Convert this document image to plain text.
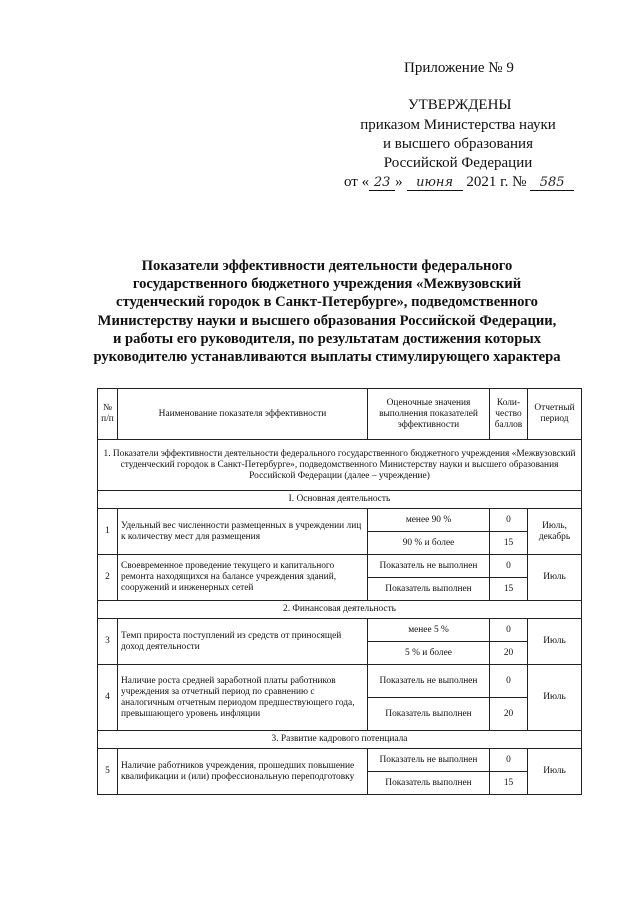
Приложение № 9
УТВЕРЖДЕНЫ
приказом Министерства науки
и высшего образования
Российской Федерации
от « 23 » июня 2021 г. № 585
Показатели эффективности деятельности федерального
государственного бюджетного учреждения «Межвузовский
студенческий городок в Санкт-Петербурге», подведомственного
Министерству науки и высшего образования Российской Федерации,
и работы его руководителя, по результатам достижения которых
руководителю устанавливаются выплаты стимулирующего характера
№ п/п	Наименование показателя эффективности	Оценочные значения выполнения показателей эффективности	Коли-чество баллов	Отчетный период
1. Показатели эффективности деятельности федерального государственного бюджетного учреждения «Межвузовский студенческий городок в Санкт-Петербурге», подведомственного Министерству науки и высшего образования Российской Федерации (далее – учреждение)				
I. Основная деятельность				
1	Удельный вес численности размещенных в учреждении лиц к количеству мест для размещения	менее 90 %	0	Июль, декабрь
		90 % и более	15	
2	Своевременное проведение текущего и капитального ремонта находящихся на балансе учреждения зданий, сооружений и инженерных сетей	Показатель не выполнен	0	Июль
		Показатель выполнен	15	
2. Финансовая деятельность				
3	Темп прироста поступлений из средств от приносящей доход деятельности	менее 5 %	0	Июль
		5 % и более	20	
4	Наличие роста средней заработной платы работников учреждения за отчетный период по сравнению с аналогичным отчетным периодом предшествующего года, превышающего уровень инфляции	Показатель не выполнен	0	Июль
		Показатель выполнен	20	
3. Развитие кадрового потенциала				
5	Наличие работников учреждения, прошедших повышение квалификации и (или) профессиональную переподготовку	Показатель не выполнен	0	Июль
		Показатель выполнен	15	
